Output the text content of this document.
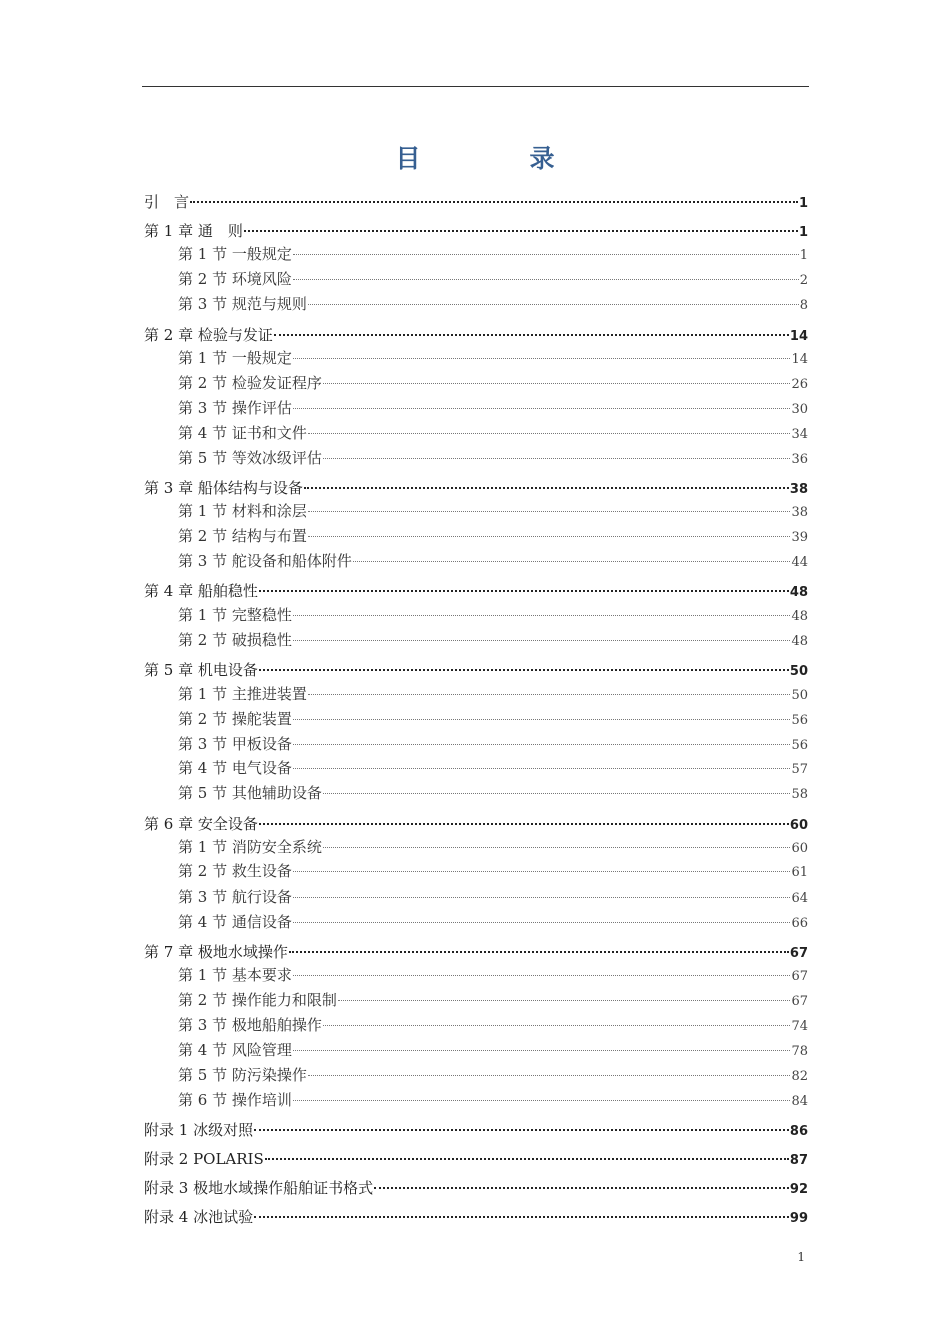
目　录
引　言	1
第 1 章 通　则	1
第 1 节 一般规定	1
第 2 节 环境风险	2
第 3 节 规范与规则	8
第 2 章 检验与发证	14
第 1 节 一般规定	14
第 2 节 检验发证程序	26
第 3 节 操作评估	30
第 4 节 证书和文件	34
第 5 节 等效冰级评估	36
第 3 章 船体结构与设备	38
第 1 节 材料和涂层	38
第 2 节 结构与布置	39
第 3 节 舵设备和船体附件	44
第 4 章 船舶稳性	48
第 1 节 完整稳性	48
第 2 节 破损稳性	48
第 5 章 机电设备	50
第 1 节 主推进装置	50
第 2 节 操舵装置	56
第 3 节 甲板设备	56
第 4 节 电气设备	57
第 5 节 其他辅助设备	58
第 6 章 安全设备	60
第 1 节 消防安全系统	60
第 2 节 救生设备	61
第 3 节 航行设备	64
第 4 节 通信设备	66
第 7 章 极地水域操作	67
第 1 节 基本要求	67
第 2 节 操作能力和限制	67
第 3 节 极地船舶操作	74
第 4 节 风险管理	78
第 5 节 防污染操作	82
第 6 节 操作培训	84
附录 1 冰级对照	86
附录 2 POLARIS	87
附录 3 极地水域操作船舶证书格式	92
附录 4 冰池试验	99
1
